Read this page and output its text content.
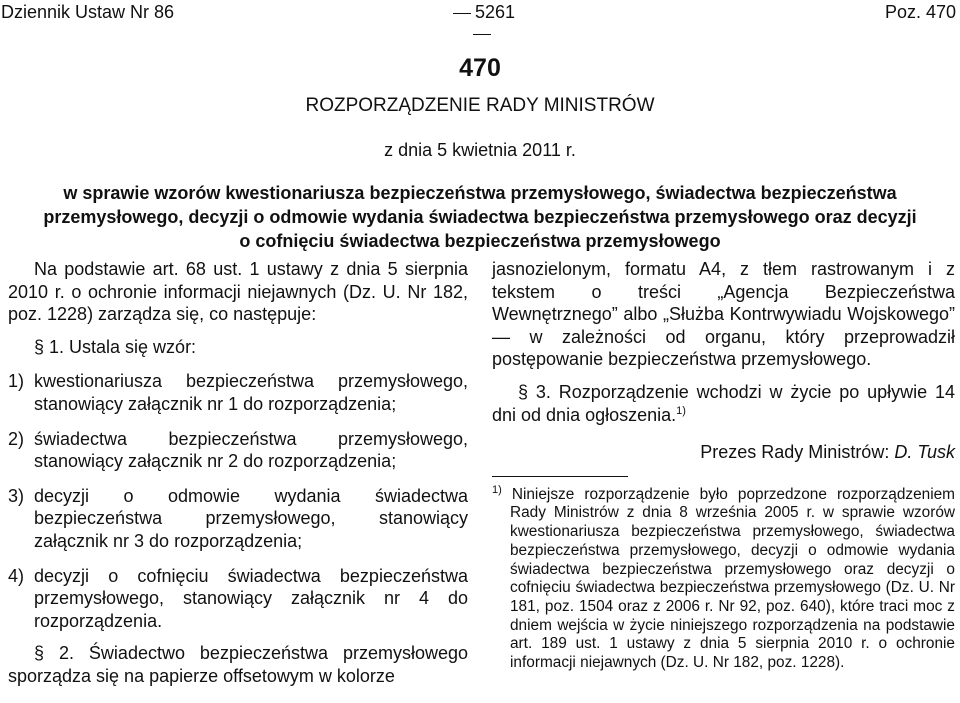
Dziennik Ustaw Nr 86	5261	Poz. 470
470
ROZPORZĄDZENIE RADY MINISTRÓW
z dnia 5 kwietnia 2011 r.
w sprawie wzorów kwestionariusza bezpieczeństwa przemysłowego, świadectwa bezpieczeństwa
przemysłowego, decyzji o odmowie wydania świadectwa bezpieczeństwa przemysłowego oraz decyzji
o cofnięciu świadectwa bezpieczeństwa przemysłowego

Na podstawie art. 68 ust. 1 ustawy z dnia 5 sierpnia 2010 r. o ochronie informacji niejawnych (Dz. U. Nr 182, poz. 1228) zarządza się, co następuje:

§ 1. Ustala się wzór:

1) kwestionariusza bezpieczeństwa przemysłowego, stanowiący załącznik nr 1 do rozporządzenia;

2) świadectwa bezpieczeństwa przemysłowego, stanowiący załącznik nr 2 do rozporządzenia;

3) decyzji o odmowie wydania świadectwa bezpieczeństwa przemysłowego, stanowiący załącznik nr 3 do rozporządzenia;

4) decyzji o cofnięciu świadectwa bezpieczeństwa przemysłowego, stanowiący załącznik nr 4 do rozporządzenia.

§ 2. Świadectwo bezpieczeństwa przemysłowego sporządza się na papierze offsetowym w kolorze

jasnozielonym, formatu A4, z tłem rastrowanym i z tekstem o treści „Agencja Bezpieczeństwa Wewnętrznego” albo „Służba Kontrwywiadu Wojskowego” — w zależności od organu, który przeprowadził postępowanie bezpieczeństwa przemysłowego.

§ 3. Rozporządzenie wchodzi w życie po upływie 14 dni od dnia ogłoszenia.$^{1)}$

Prezes Rady Ministrów: D. Tusk

$^{1)}$ Niniejsze rozporządzenie było poprzedzone rozporządzeniem Rady Ministrów z dnia 8 września 2005 r. w sprawie wzorów kwestionariusza bezpieczeństwa przemysłowego, świadectwa bezpieczeństwa przemysłowego, decyzji o odmowie wydania świadectwa bezpieczeństwa przemysłowego oraz decyzji o cofnięciu świadectwa bezpieczeństwa przemysłowego (Dz. U. Nr 181, poz. 1504 oraz z 2006 r. Nr 92, poz. 640), które traci moc z dniem wejścia w życie niniejszego rozporządzenia na podstawie art. 189 ust. 1 ustawy z dnia 5 sierpnia 2010 r. o ochronie informacji niejawnych (Dz. U. Nr 182, poz. 1228).
